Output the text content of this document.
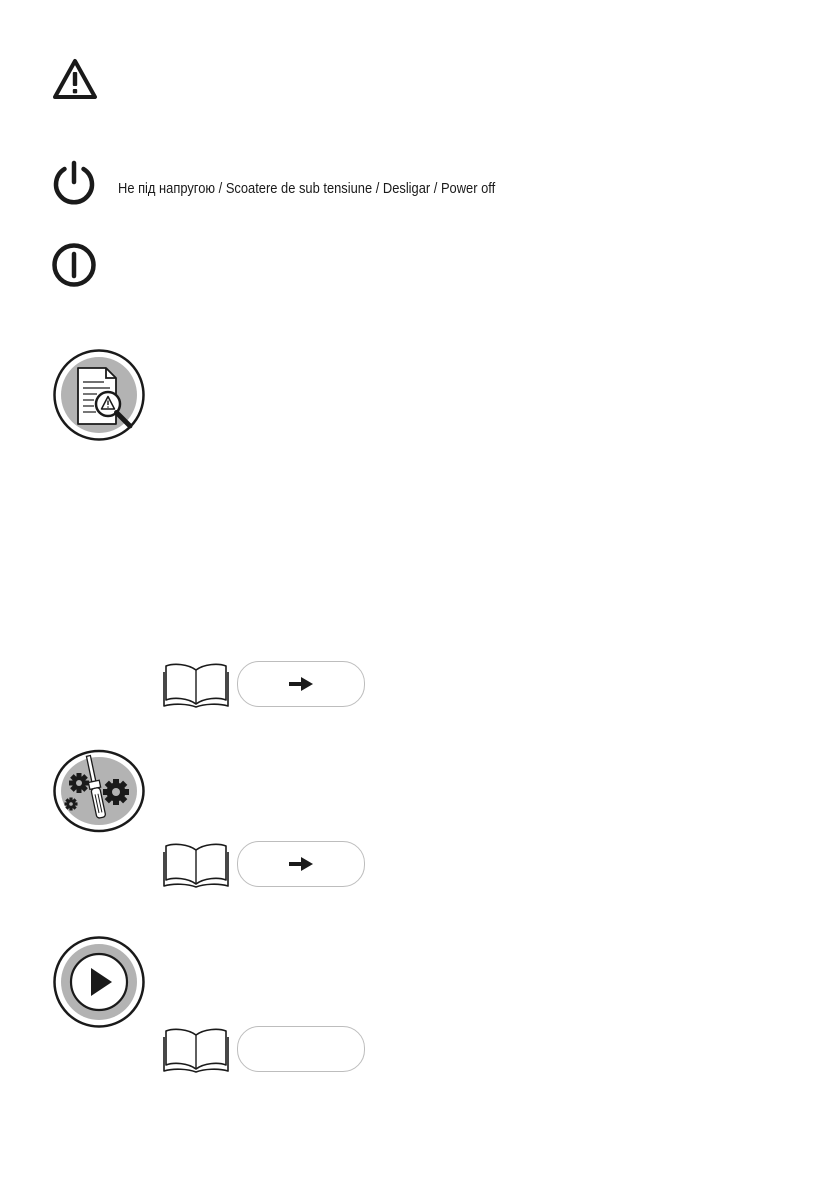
Не під напругою / Scoatere de sub tensiune / Desligar / Power off
